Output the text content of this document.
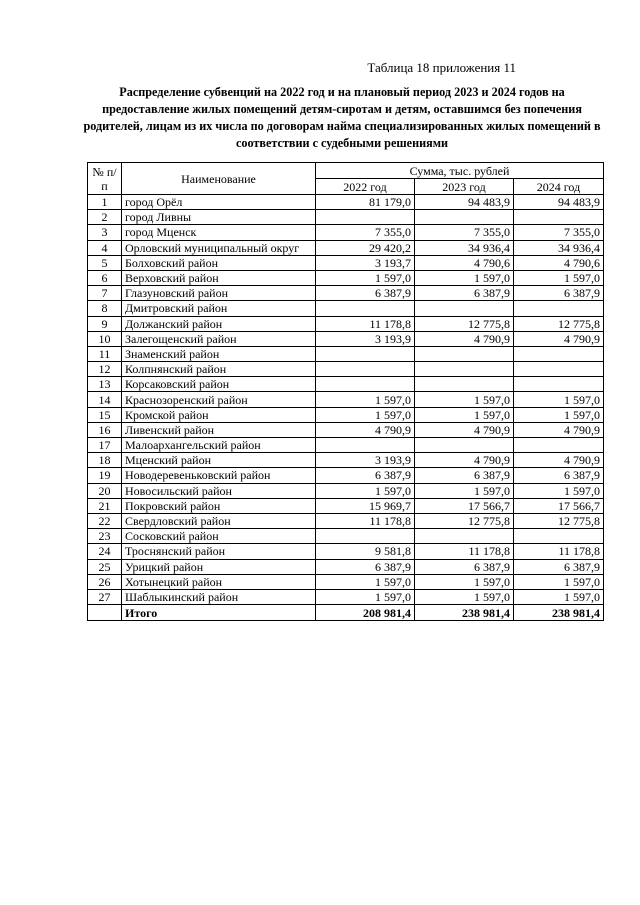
Таблица 18 приложения 11
Распределение субвенций на 2022 год и на плановый период 2023 и 2024 годов на предоставление жилых помещений детям-сиротам и детям, оставшимся без попечения родителей, лицам из их числа по договорам найма специализированных жилых помещений в соответствии с судебными решениями
№ п/п	Наименование	Сумма, тыс. рублей		
		2022 год	2023 год	2024 год
1	город Орёл	81 179,0	94 483,9	94 483,9
2	город Ливны			
3	город Мценск	7 355,0	7 355,0	7 355,0
4	Орловский муниципальный округ	29 420,2	34 936,4	34 936,4
5	Болховский район	3 193,7	4 790,6	4 790,6
6	Верховский район	1 597,0	1 597,0	1 597,0
7	Глазуновский район	6 387,9	6 387,9	6 387,9
8	Дмитровский район			
9	Должанский район	11 178,8	12 775,8	12 775,8
10	Залегощенский район	3 193,9	4 790,9	4 790,9
11	Знаменский район			
12	Колпнянский район			
13	Корсаковский район			
14	Краснозоренский район	1 597,0	1 597,0	1 597,0
15	Кромской район	1 597,0	1 597,0	1 597,0
16	Ливенский район	4 790,9	4 790,9	4 790,9
17	Малоархангельский район			
18	Мценский район	3 193,9	4 790,9	4 790,9
19	Новодеревеньковский район	6 387,9	6 387,9	6 387,9
20	Новосильский район	1 597,0	1 597,0	1 597,0
21	Покровский район	15 969,7	17 566,7	17 566,7
22	Свердловский район	11 178,8	12 775,8	12 775,8
23	Сосковский район			
24	Троснянский район	9 581,8	11 178,8	11 178,8
25	Урицкий район	6 387,9	6 387,9	6 387,9
26	Хотынецкий район	1 597,0	1 597,0	1 597,0
27	Шаблыкинский район	1 597,0	1 597,0	1 597,0
	Итого	208 981,4	238 981,4	238 981,4
